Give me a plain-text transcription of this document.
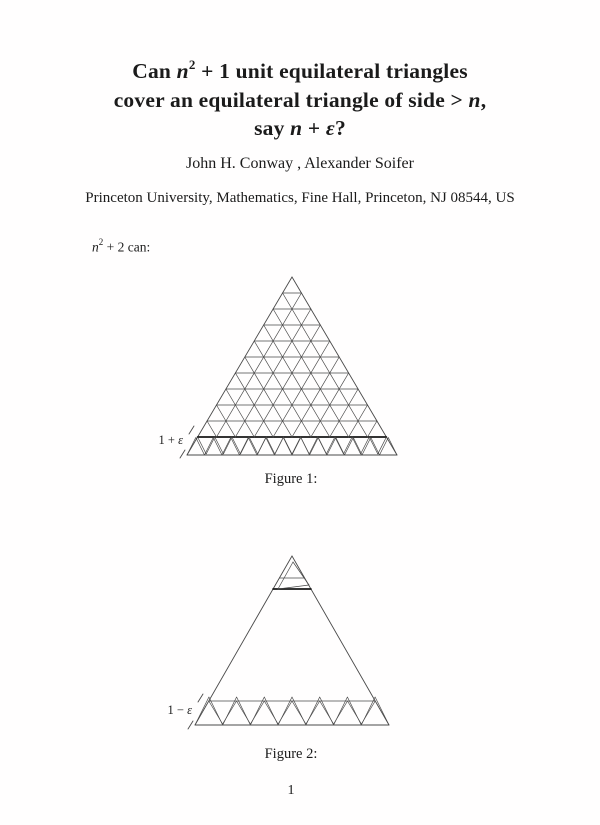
Can $n^2 + 1$ unit equilateral triangles
cover an equilateral triangle of side > n,
say n + ε?
John H. Conway , Alexander Soifer
Princeton University, Mathematics, Fine Hall, Princeton, NJ 08544, US
$n^2 + 2$ can:
1 + ε
Figure 1:
1 − ε
Figure 2:
1
